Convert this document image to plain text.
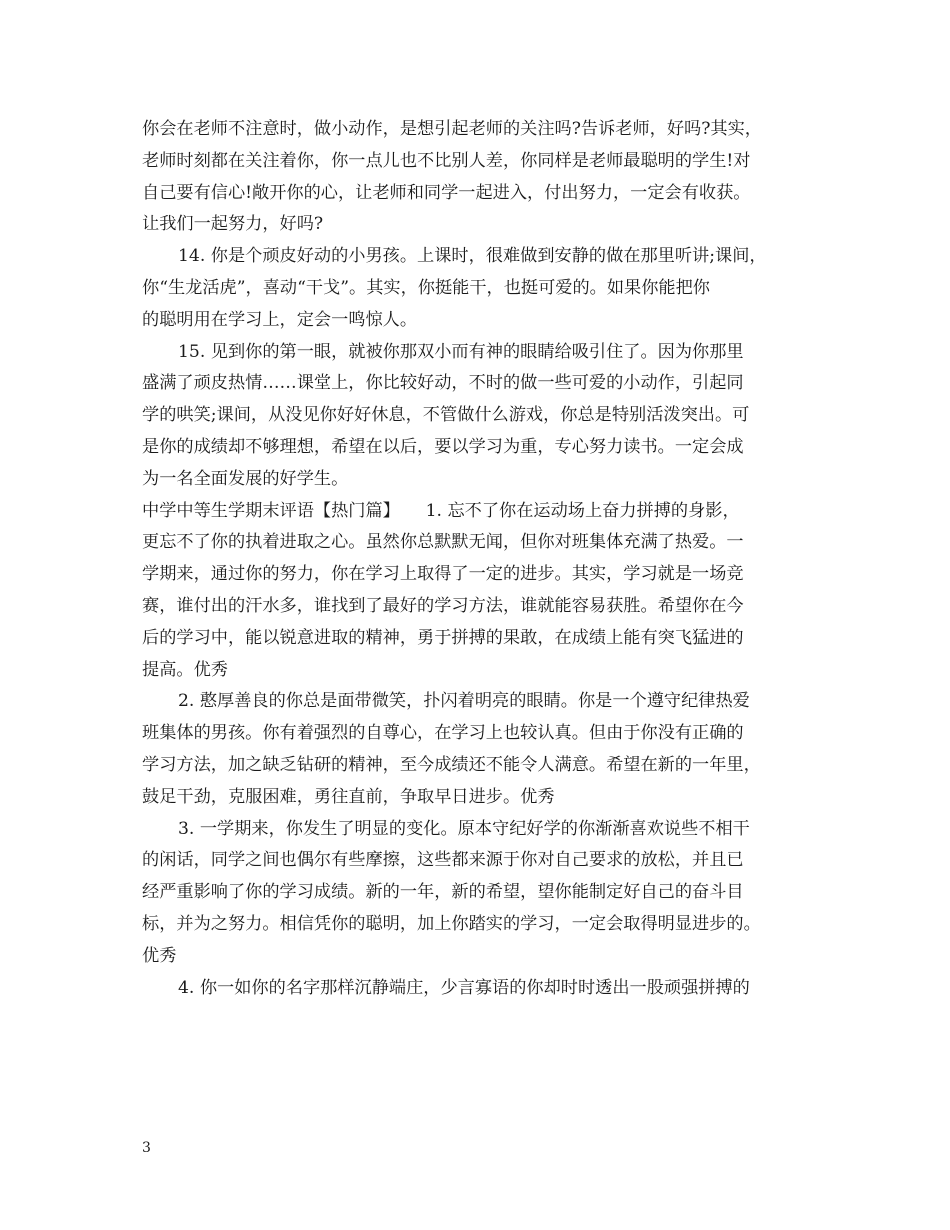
你会在老师不注意时，做小动作，是想引起老师的关注吗?告诉老师，好吗?其实，
老师时刻都在关注着你，你一点儿也不比别人差，你同样是老师最聪明的学生!对
自己要有信心!敞开你的心，让老师和同学一起进入，付出努力，一定会有收获。
让我们一起努力，好吗?
14. 你是个顽皮好动的小男孩。上课时，很难做到安静的做在那里听讲;课间，
你“生龙活虎”，喜动“干戈”。其实，你挺能干，也挺可爱的。如果你能把你
的聪明用在学习上，定会一鸣惊人。
15. 见到你的第一眼，就被你那双小而有神的眼睛给吸引住了。因为你那里
盛满了顽皮热情……课堂上，你比较好动，不时的做一些可爱的小动作，引起同
学的哄笑;课间，从没见你好好休息，不管做什么游戏，你总是特别活泼突出。可
是你的成绩却不够理想，希望在以后，要以学习为重，专心努力读书。一定会成
为一名全面发展的好学生。
中学中等生学期末评语【热门篇】　　1. 忘不了你在运动场上奋力拼搏的身影，
更忘不了你的执着进取之心。虽然你总默默无闻，但你对班集体充满了热爱。一
学期来，通过你的努力，你在学习上取得了一定的进步。其实，学习就是一场竞
赛，谁付出的汗水多，谁找到了最好的学习方法，谁就能容易获胜。希望你在今
后的学习中，能以锐意进取的精神，勇于拼搏的果敢，在成绩上能有突飞猛进的
提高。优秀
2. 憨厚善良的你总是面带微笑，扑闪着明亮的眼睛。你是一个遵守纪律热爱
班集体的男孩。你有着强烈的自尊心，在学习上也较认真。但由于你没有正确的
学习方法，加之缺乏钻研的精神，至今成绩还不能令人满意。希望在新的一年里，
鼓足干劲，克服困难，勇往直前，争取早日进步。优秀
3. 一学期来，你发生了明显的变化。原本守纪好学的你渐渐喜欢说些不相干
的闲话，同学之间也偶尔有些摩擦，这些都来源于你对自己要求的放松，并且已
经严重影响了你的学习成绩。新的一年，新的希望，望你能制定好自己的奋斗目
标，并为之努力。相信凭你的聪明，加上你踏实的学习，一定会取得明显进步的。
优秀
4. 你一如你的名字那样沉静端庄，少言寡语的你却时时透出一股顽强拼搏的
3
